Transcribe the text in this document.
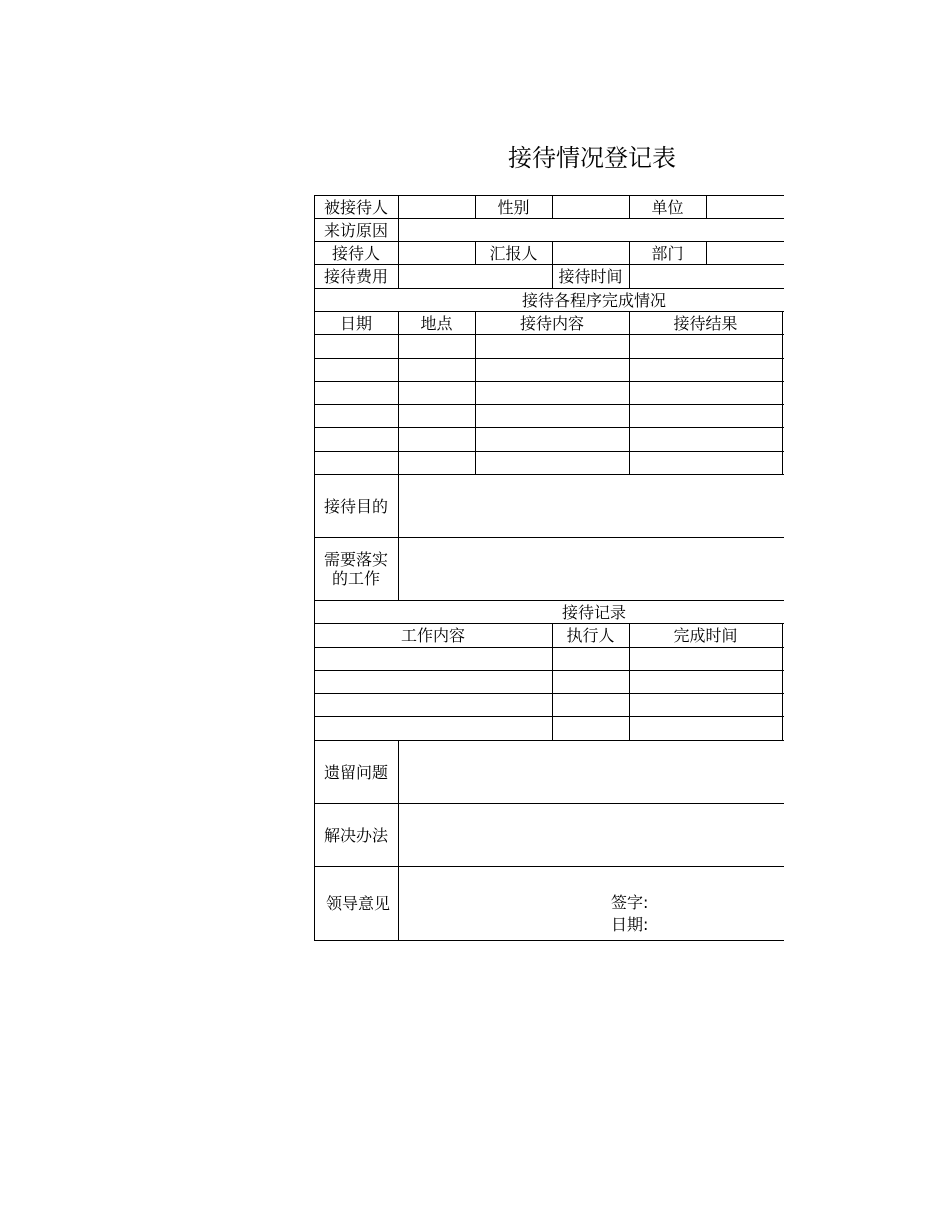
接待情况登记表
被接待人	性别	单位
来访原因
接待人	汇报人	部门
接待费用	接待时间
接待各程序完成情况
日期	地点	接待内容	接待结果
接待目的
需要落实的工作
接待记录
工作内容	执行人	完成时间
遗留问题
解决办法
领导意见	签字:
日期:
